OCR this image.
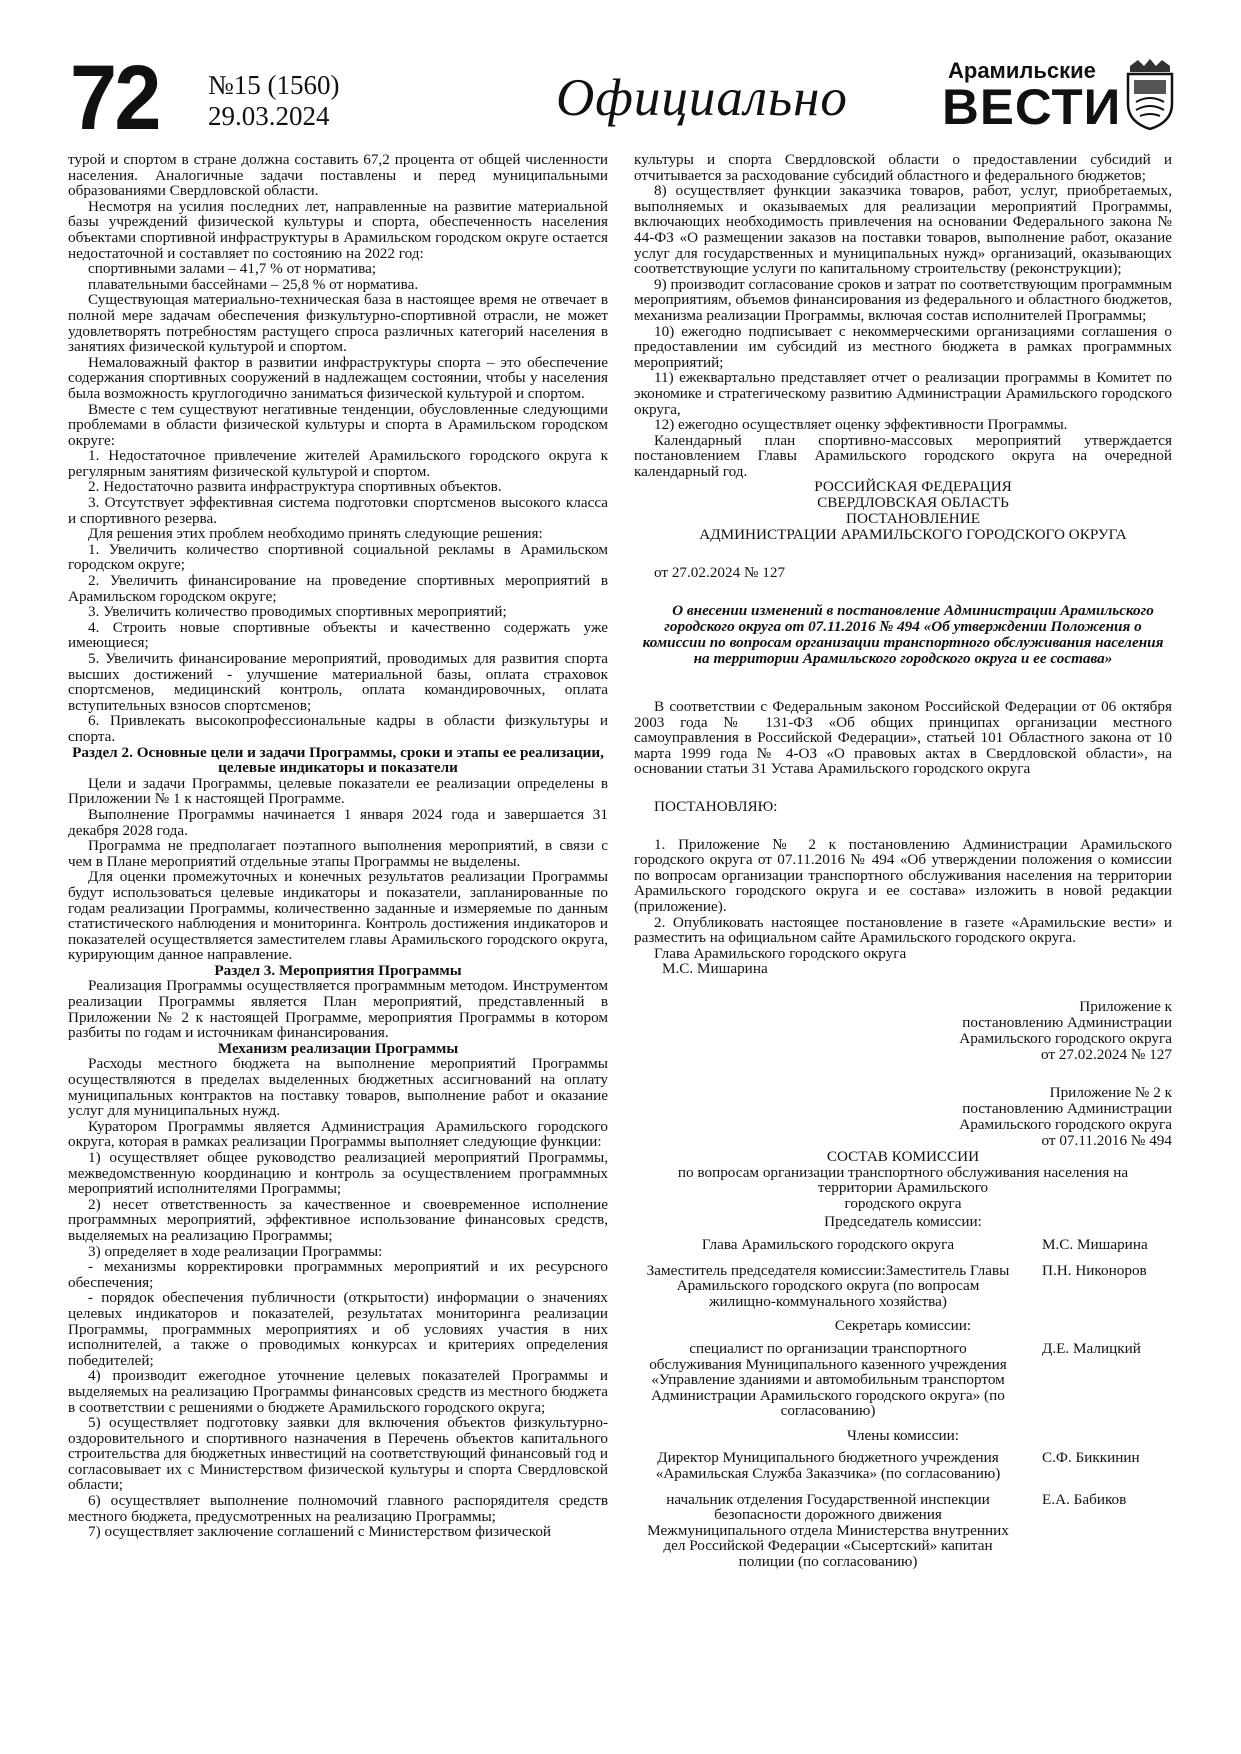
72 №15 (1560)
29.03.2024	Официально	Арамильские
ВЕСТИ

турой и спортом в стране должна составить 67,2 процента от общей численности населения. Аналогичные задачи поставлены и перед муниципальными образованиями Свердловской области.

Несмотря на усилия последних лет, направленные на развитие материальной базы учреждений физической культуры и спорта, обеспеченность населения объектами спортивной инфраструктуры в Арамильском городском округе остается недостаточной и составляет по состоянию на 2022 год:

спортивными залами – 41,7 % от норматива;

плавательными бассейнами – 25,8 % от норматива.

Существующая материально-техническая база в настоящее время не отвечает в полной мере задачам обеспечения физкультурно-спортивной отрасли, не может удовлетворять потребностям растущего спроса различных категорий населения в занятиях физической культурой и спортом.

Немаловажный фактор в развитии инфраструктуры спорта – это обеспечение содержания спортивных сооружений в надлежащем состоянии, чтобы у населения была возможность круглогодично заниматься физической культурой и спортом.

Вместе с тем существуют негативные тенденции, обусловленные следующими проблемами в области физической культуры и спорта в Арамильском городском округе:

1. Недостаточное привлечение жителей Арамильского городского округа к регулярным занятиям физической культурой и спортом.

2. Недостаточно развита инфраструктура спортивных объектов.

3. Отсутствует эффективная система подготовки спортсменов высокого класса и спортивного резерва.

Для решения этих проблем необходимо принять следующие решения:

1. Увеличить количество спортивной социальной рекламы в Арамильском городском округе;

2. Увеличить финансирование на проведение спортивных мероприятий в Арамильском городском округе;

3. Увеличить количество проводимых спортивных мероприятий;

4. Строить новые спортивные объекты и качественно содержать уже имеющиеся;

5. Увеличить финансирование мероприятий, проводимых для развития спорта высших достижений - улучшение материальной базы, оплата страховок спортсменов, медицинский контроль, оплата командировочных, оплата вступительных взносов спортсменов;

6. Привлекать высокопрофессиональные кадры в области физкультуры и спорта.

Раздел 2. Основные цели и задачи Программы, сроки и этапы ее реализации, целевые индикаторы и показатели

Цели и задачи Программы, целевые показатели ее реализации определены в Приложении № 1 к настоящей Программе.

Выполнение Программы начинается 1 января 2024 года и завершается 31 декабря 2028 года.

Программа не предполагает поэтапного выполнения мероприятий, в связи с чем в Плане мероприятий отдельные этапы Программы не выделены.

Для оценки промежуточных и конечных результатов реализации Программы будут использоваться целевые индикаторы и показатели, запланированные по годам реализации Программы, количественно заданные и измеряемые по данным статистического наблюдения и мониторинга. Контроль достижения индикаторов и показателей осуществляется заместителем главы Арамильского городского округа, курирующим данное направление.

Раздел 3. Мероприятия Программы

Реализация Программы осуществляется программным методом. Инструментом реализации Программы является План мероприятий, представленный в Приложении № 2 к настоящей Программе, мероприятия Программы в котором разбиты по годам и источникам финансирования.

Механизм реализации Программы

Расходы местного бюджета на выполнение мероприятий Программы осуществляются в пределах выделенных бюджетных ассигнований на оплату муниципальных контрактов на поставку товаров, выполнение работ и оказание услуг для муниципальных нужд.

Куратором Программы является Администрация Арамильского городского округа, которая в рамках реализации Программы выполняет следующие функции:

1) осуществляет общее руководство реализацией мероприятий Программы, межведомственную координацию и контроль за осуществлением программных мероприятий исполнителями Программы;

2) несет ответственность за качественное и своевременное исполнение программных мероприятий, эффективное использование финансовых средств, выделяемых на реализацию Программы;

3) определяет в ходе реализации Программы:

- механизмы корректировки программных мероприятий и их ресурсного обеспечения;

- порядок обеспечения публичности (открытости) информации о значениях целевых индикаторов и показателей, результатах мониторинга реализации Программы, программных мероприятиях и об условиях участия в них исполнителей, а также о проводимых конкурсах и критериях определения победителей;

4) производит ежегодное уточнение целевых показателей Программы и выделяемых на реализацию Программы финансовых средств из местного бюджета в соответствии с решениями о бюджете Арамильского городского округа;

5) осуществляет подготовку заявки для включения объектов физкультурно-оздоровительного и спортивного назначения в Перечень объектов капитального строительства для бюджетных инвестиций на соответствующий финансовый год и согласовывает их с Министерством физической культуры и спорта Свердловской области;

6) осуществляет выполнение полномочий главного распорядителя средств местного бюджета, предусмотренных на реализацию Программы;

7) осуществляет заключение соглашений с Министерством физической

культуры и спорта Свердловской области о предоставлении субсидий и отчитывается за расходование субсидий областного и федерального бюджетов;

8) осуществляет функции заказчика товаров, работ, услуг, приобретаемых, выполняемых и оказываемых для реализации мероприятий Программы, включающих необходимость привлечения на основании Федерального закона № 44-ФЗ «О размещении заказов на поставки товаров, выполнение работ, оказание услуг для государственных и муниципальных нужд» организаций, оказывающих соответствующие услуги по капитальному строительству (реконструкции);

9) производит согласование сроков и затрат по соответствующим программным мероприятиям, объемов финансирования из федерального и областного бюджетов, механизма реализации Программы, включая состав исполнителей Программы;

10) ежегодно подписывает с некоммерческими организациями соглашения о предоставлении им субсидий из местного бюджета в рамках программных мероприятий;

11) ежеквартально представляет отчет о реализации программы в Комитет по экономике и стратегическому развитию Администрации Арамильского городского округа,

12) ежегодно осуществляет оценку эффективности Программы.

Календарный план спортивно-массовых мероприятий утверждается постановлением Главы Арамильского городского округа на очередной календарный год.

РОССИЙСКАЯ ФЕДЕРАЦИЯ

СВЕРДЛОВСКАЯ ОБЛАСТЬ

ПОСТАНОВЛЕНИЕ

АДМИНИСТРАЦИИ АРАМИЛЬСКОГО ГОРОДСКОГО ОКРУГА

от 27.02.2024 № 127

О внесении изменений в постановление Администрации Арамильского городского округа от 07.11.2016 № 494 «Об утверждении Положения о комиссии по вопросам организации транспортного обслуживания населения на территории Арамильского городского округа и ее состава»

В соответствии с Федеральным законом Российской Федерации от 06 октября 2003 года № 131-ФЗ «Об общих принципах организации местного самоуправления в Российской Федерации», статьей 101 Областного закона от 10 марта 1999 года № 4-ОЗ «О правовых актах в Свердловской области», на основании статьи 31 Устава Арамильского городского округа

ПОСТАНОВЛЯЮ:

1. Приложение № 2 к постановлению Администрации Арамильского городского округа от 07.11.2016 № 494 «Об утверждении положения о комиссии по вопросам организации транспортного обслуживания населения на территории Арамильского городского округа и ее состава» изложить в новой редакции (приложение).

2. Опубликовать настоящее постановление в газете «Арамильские вести» и разместить на официальном сайте Арамильского городского округа.

Глава Арамильского городского округа

М.С. Мишарина

Приложение к

постановлению Администрации

Арамильского городского округа

от 27.02.2024 № 127

Приложение № 2 к

постановлению Администрации

Арамильского городского округа

от 07.11.2016 № 494

СОСТАВ КОМИССИИ

по вопросам организации транспортного обслуживания населения на

территории Арамильского

городского округа

Председатель комиссии:	
Глава Арамильского городского округа	М.С. Мишарина
Заместитель председателя комиссии:Заместитель Главы Арамильского городского округа (по вопросам жилищно-коммунального хозяйства)	П.Н. Никоноров
Секретарь комиссии:	
специалист по организации транспортного обслуживания Муниципального казенного учреждения «Управление зданиями и автомобильным транспортом Администрации Арамильского городского округа» (по согласованию)	Д.Е. Малицкий
Члены комиссии:	
Директор Муниципального бюджетного учреждения «Арамильская Служба Заказчика» (по согласованию)	С.Ф. Биккинин
начальник отделения Государственной инспекции безопасности дорожного движения Межмуниципального отдела Министерства внутренних дел Российской Федерации «Сысертский» капитан полиции (по согласованию)	Е.А. Бабиков
